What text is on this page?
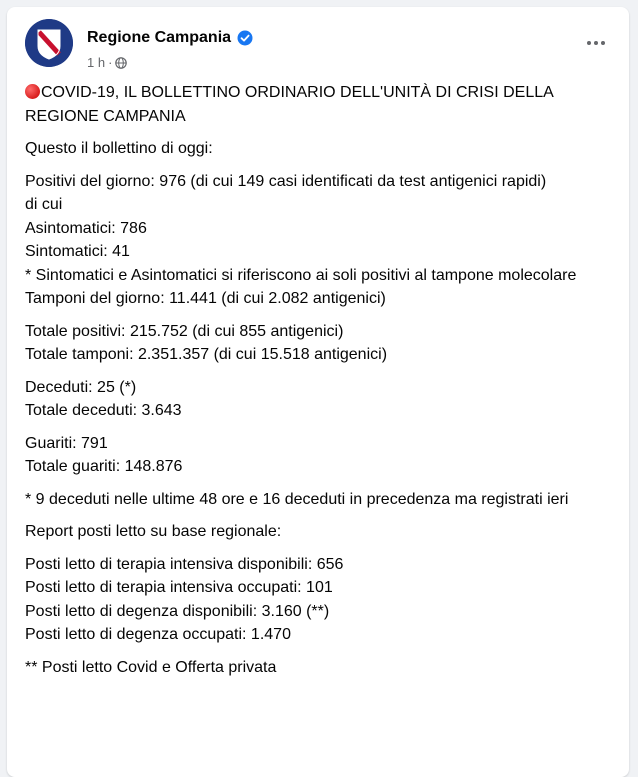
Regione Campania
1 h ·

COVID-19, IL BOLLETTINO ORDINARIO DELL'UNITÀ DI CRISI DELLA REGIONE CAMPANIA

Questo il bollettino di oggi:

Positivi del giorno: 976 (di cui 149 casi identificati da test antigenici rapidi)
di cui
Asintomatici: 786
Sintomatici: 41
* Sintomatici e Asintomatici si riferiscono ai soli positivi al tampone molecolare
Tamponi del giorno: 11.441 (di cui 2.082 antigenici)

Totale positivi: 215.752 (di cui 855 antigenici)
Totale tamponi: 2.351.357 (di cui 15.518 antigenici)

Deceduti: 25 (*)
Totale deceduti: 3.643

Guariti: 791
Totale guariti: 148.876

* 9 deceduti nelle ultime 48 ore e 16 deceduti in precedenza ma registrati ieri

Report posti letto su base regionale:

Posti letto di terapia intensiva disponibili: 656
Posti letto di terapia intensiva occupati: 101
Posti letto di degenza disponibili: 3.160 (**)
Posti letto di degenza occupati: 1.470

** Posti letto Covid e Offerta privata
